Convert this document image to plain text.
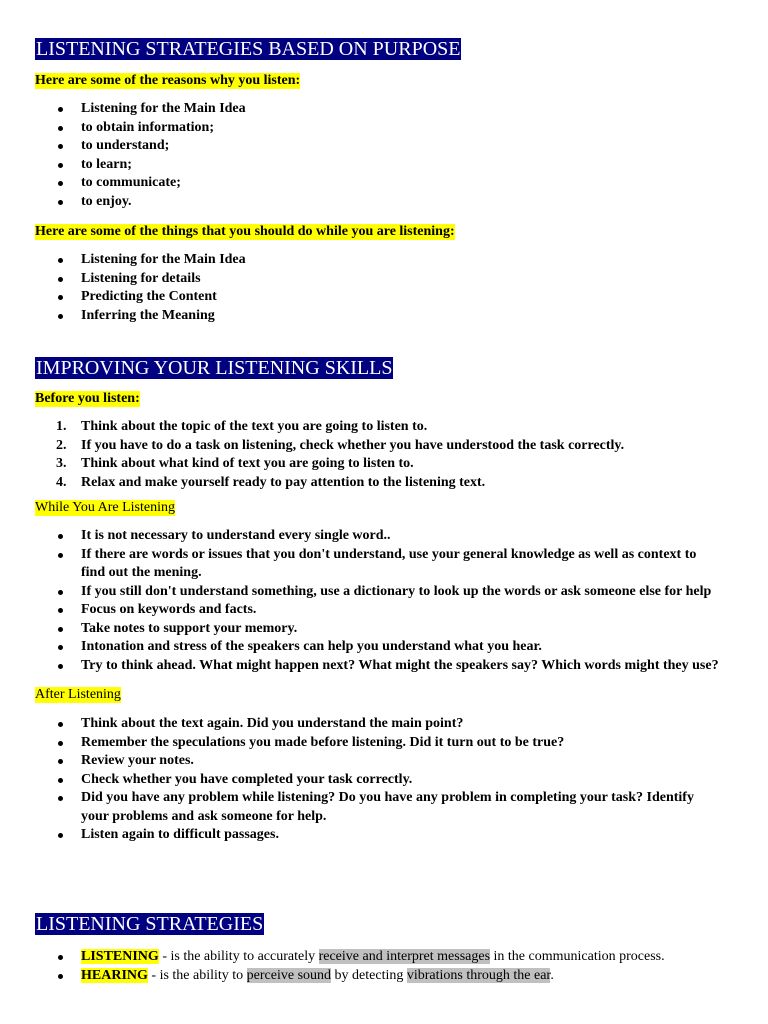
LISTENING STRATEGIES BASED ON PURPOSE
Here are some of the reasons why you listen:
Listening for the Main Idea
to obtain information;
to understand;
to learn;
to communicate;
to enjoy.
Here are some of the things that you should do while you are listening:
Listening for the Main Idea
Listening for details
Predicting the Content
Inferring the Meaning
IMPROVING YOUR LISTENING SKILLS
Before you listen:
1. Think about the topic of the text you are going to listen to.
2. If you have to do a task on listening, check whether you have understood the task correctly.
3. Think about what kind of text you are going to listen to.
4. Relax and make yourself ready to pay attention to the listening text.
While You Are Listening
It is not necessary to understand every single word..
If there are words or issues that you don't understand, use your general knowledge as well as context to find out the mening.
If you still don't understand something, use a dictionary to look up the words or ask someone else for help
Focus on keywords and facts.
Take notes to support your memory.
Intonation and stress of the speakers can help you understand what you hear.
Try to think ahead. What might happen next? What might the speakers say? Which words might they use?
After Listening
Think about the text again. Did you understand the main point?
Remember the speculations you made before listening. Did it turn out to be true?
Review your notes.
Check whether you have completed your task correctly.
Did you have any problem while listening? Do you have any problem in completing your task? Identify your problems and ask someone for help.
Listen again to difficult passages.
LISTENING STRATEGIES
LISTENING - is the ability to accurately receive and interpret messages in the communication process.
HEARING - is the ability to perceive sound by detecting vibrations through the ear.
